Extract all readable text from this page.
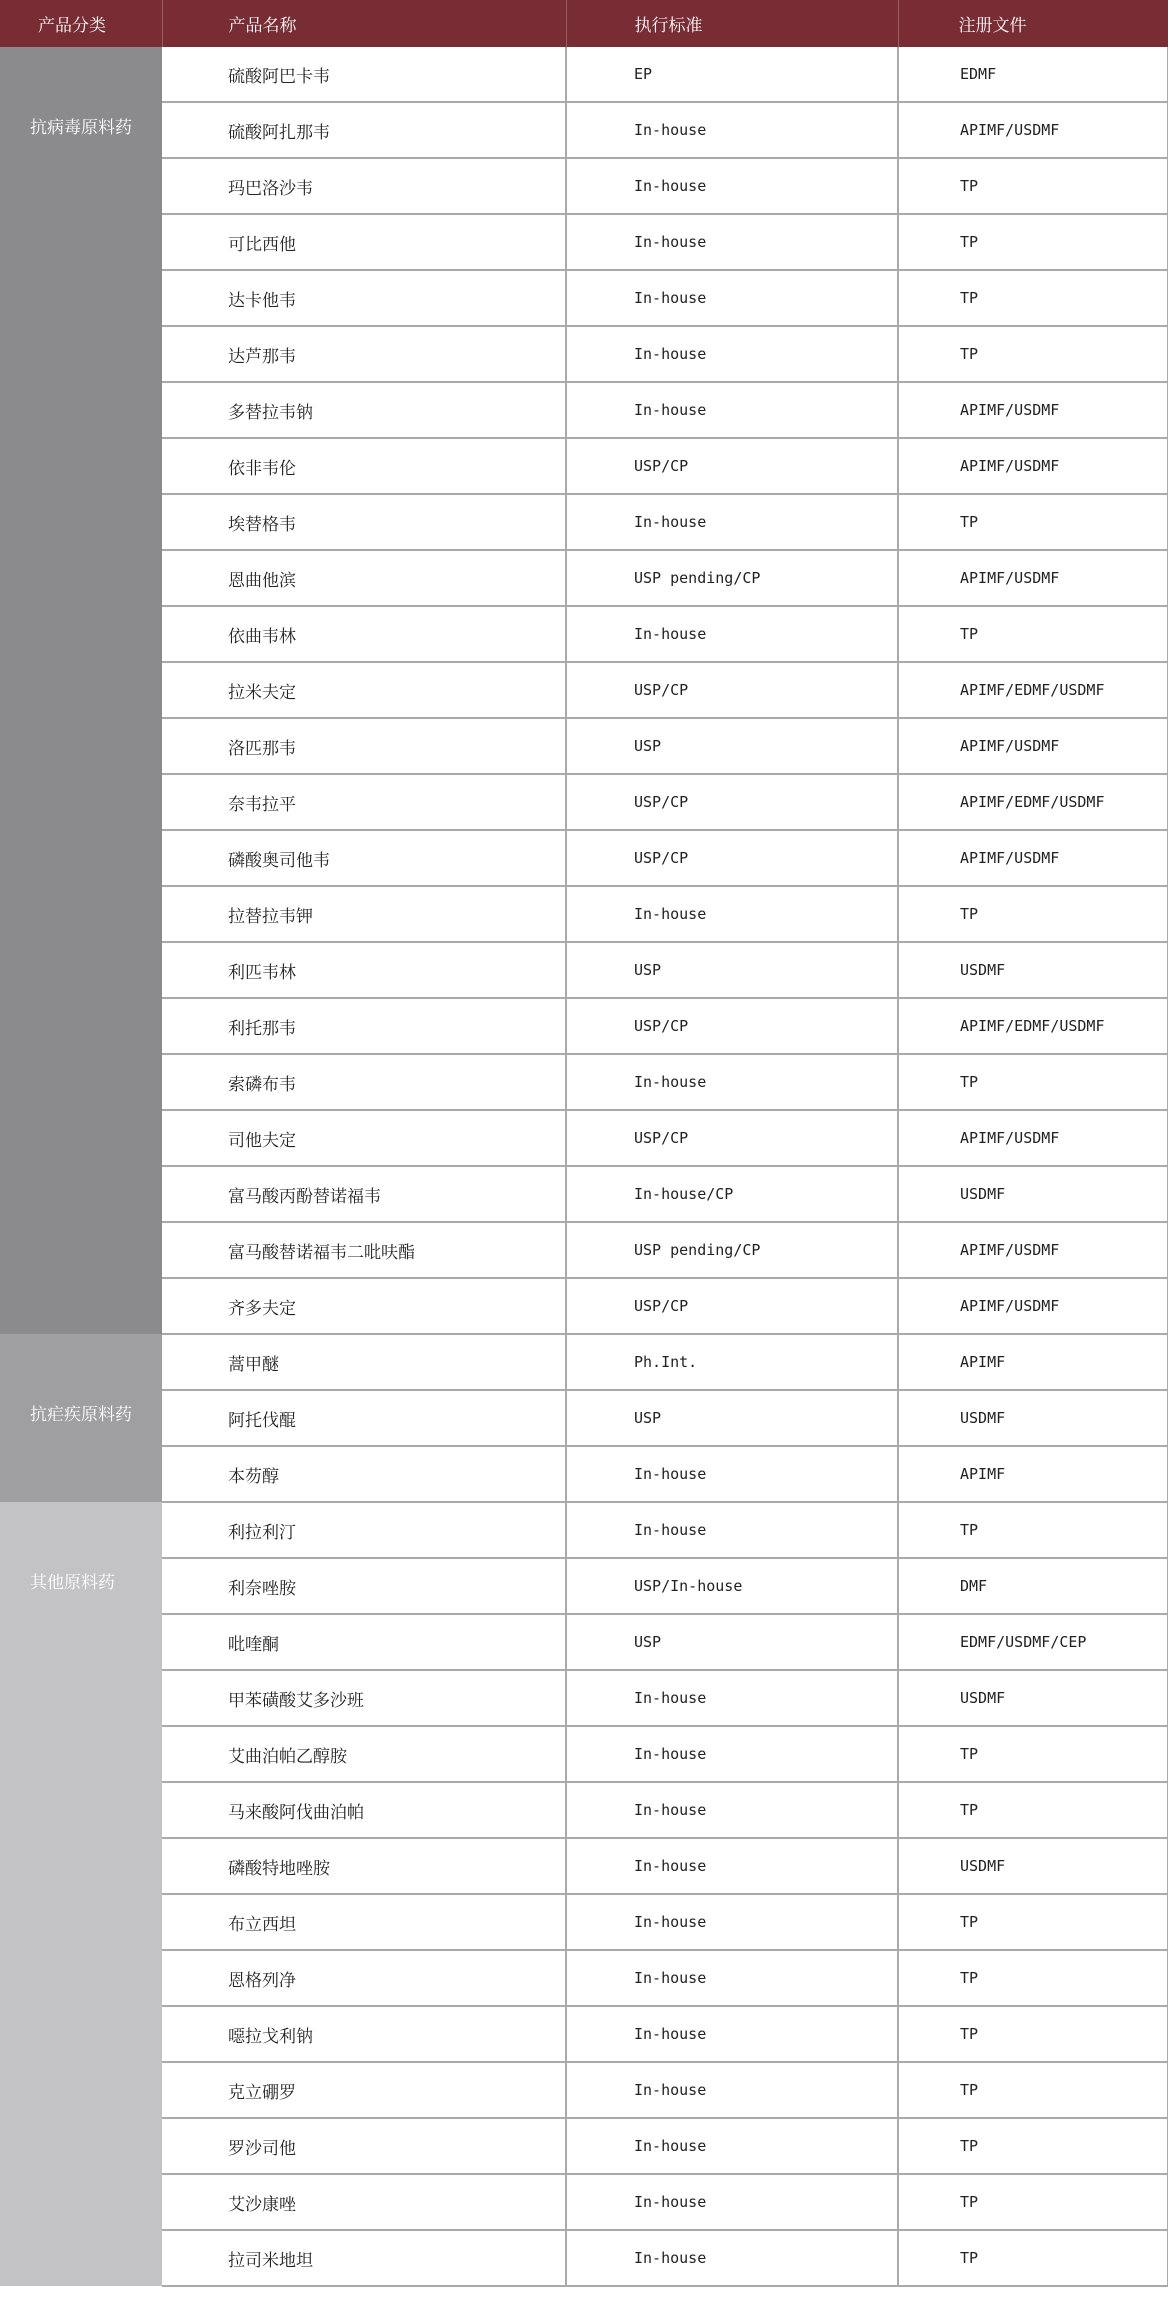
产品分类	产品名称	执行标准	注册文件

抗病毒原料药	硫酸阿巴卡韦	EP	EDMF
	硫酸阿扎那韦	In-house	APIMF/USDMF
	玛巴洛沙韦	In-house	TP
	可比西他	In-house	TP
	达卡他韦	In-house	TP
	达芦那韦	In-house	TP
	多替拉韦钠	In-house	APIMF/USDMF
	依非韦伦	USP/CP	APIMF/USDMF
	埃替格韦	In-house	TP
	恩曲他滨	USP pending/CP	APIMF/USDMF
	依曲韦林	In-house	TP
	拉米夫定	USP/CP	APIMF/EDMF/USDMF
	洛匹那韦	USP	APIMF/USDMF
	奈韦拉平	USP/CP	APIMF/EDMF/USDMF
	磷酸奥司他韦	USP/CP	APIMF/USDMF
	拉替拉韦钾	In-house	TP
	利匹韦林	USP	USDMF
	利托那韦	USP/CP	APIMF/EDMF/USDMF
	索磷布韦	In-house	TP
	司他夫定	USP/CP	APIMF/USDMF
	富马酸丙酚替诺福韦	In-house/CP	USDMF
	富马酸替诺福韦二吡呋酯	USP pending/CP	APIMF/USDMF
	齐多夫定	USP/CP	APIMF/USDMF

抗疟疾原料药	蒿甲醚	Ph.Int.	APIMF
	阿托伐醌	USP	USDMF
	本芴醇	In-house	APIMF

其他原料药	利拉利汀	In-house	TP
	利奈唑胺	USP/In-house	DMF
	吡喹酮	USP	EDMF/USDMF/CEP
	甲苯磺酸艾多沙班	In-house	USDMF
	艾曲泊帕乙醇胺	In-house	TP
	马来酸阿伐曲泊帕	In-house	TP
	磷酸特地唑胺	In-house	USDMF
	布立西坦	In-house	TP
	恩格列净	In-house	TP
	噁拉戈利钠	In-house	TP
	克立硼罗	In-house	TP
	罗沙司他	In-house	TP
	艾沙康唑	In-house	TP
	拉司米地坦	In-house	TP
